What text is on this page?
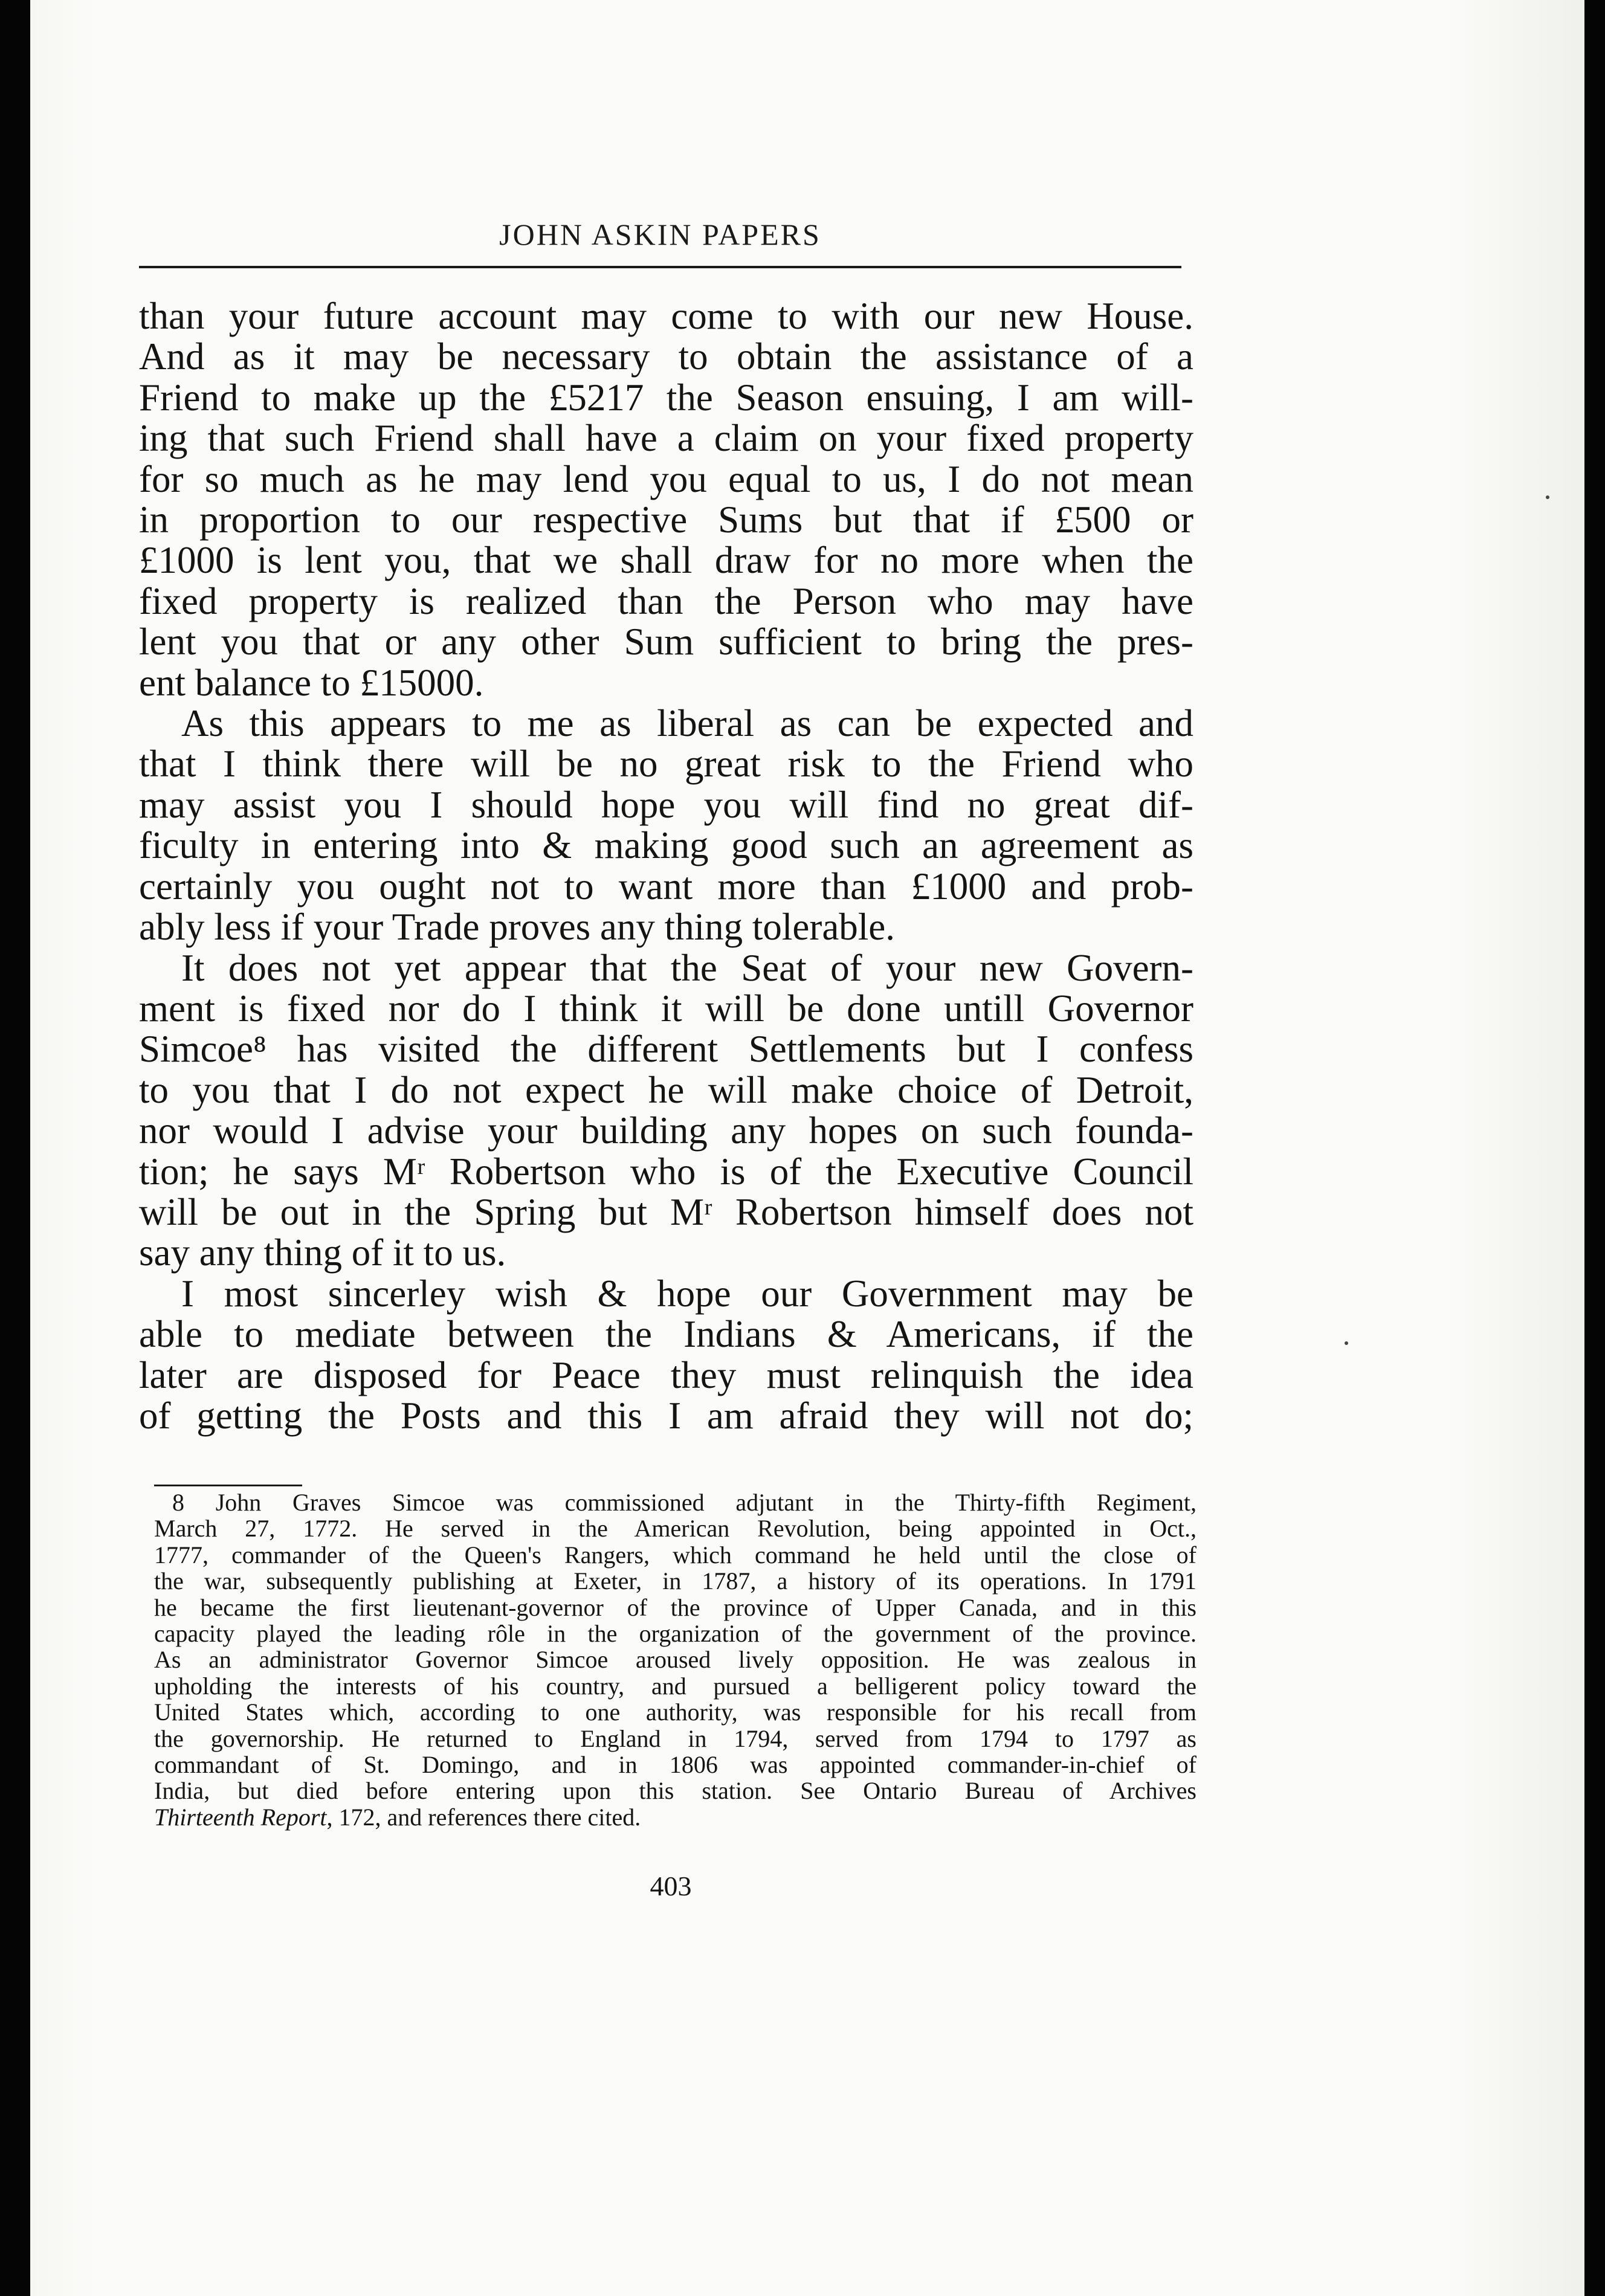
JOHN ASKIN PAPERS
than your future account may come to with our new House.
And as it may be necessary to obtain the assistance of a
Friend to make up the £5217 the Season ensuing, I am will-
ing that such Friend shall have a claim on your fixed property
for so much as he may lend you equal to us, I do not mean
in proportion to our respective Sums but that if £500 or
£1000 is lent you, that we shall draw for no more when the
fixed property is realized than the Person who may have
lent you that or any other Sum sufficient to bring the pres-
ent balance to £15000.
As this appears to me as liberal as can be expected and
that I think there will be no great risk to the Friend who
may assist you I should hope you will find no great dif-
ficulty in entering into & making good such an agreement as
certainly you ought not to want more than £1000 and prob-
ably less if your Trade proves any thing tolerable.
It does not yet appear that the Seat of your new Govern-
ment is fixed nor do I think it will be done untill Governor
Simcoe⁸ has visited the different Settlements but I confess
to you that I do not expect he will make choice of Detroit,
nor would I advise your building any hopes on such founda-
tion; he says Mʳ Robertson who is of the Executive Council
will be out in the Spring but Mʳ Robertson himself does not
say any thing of it to us.
I most sincerley wish & hope our Government may be
able to mediate between the Indians & Americans, if the
later are disposed for Peace they must relinquish the idea
of getting the Posts and this I am afraid they will not do;
8 John Graves Simcoe was commissioned adjutant in the Thirty-fifth Regiment,
March 27, 1772. He served in the American Revolution, being appointed in Oct.,
1777, commander of the Queen's Rangers, which command he held until the close of
the war, subsequently publishing at Exeter, in 1787, a history of its operations. In 1791
he became the first lieutenant-governor of the province of Upper Canada, and in this
capacity played the leading rôle in the organization of the government of the province.
As an administrator Governor Simcoe aroused lively opposition. He was zealous in
upholding the interests of his country, and pursued a belligerent policy toward the
United States which, according to one authority, was responsible for his recall from
the governorship. He returned to England in 1794, served from 1794 to 1797 as
commandant of St. Domingo, and in 1806 was appointed commander-in-chief of
India, but died before entering upon this station. See Ontario Bureau of Archives
Thirteenth Report, 172, and references there cited.
403
